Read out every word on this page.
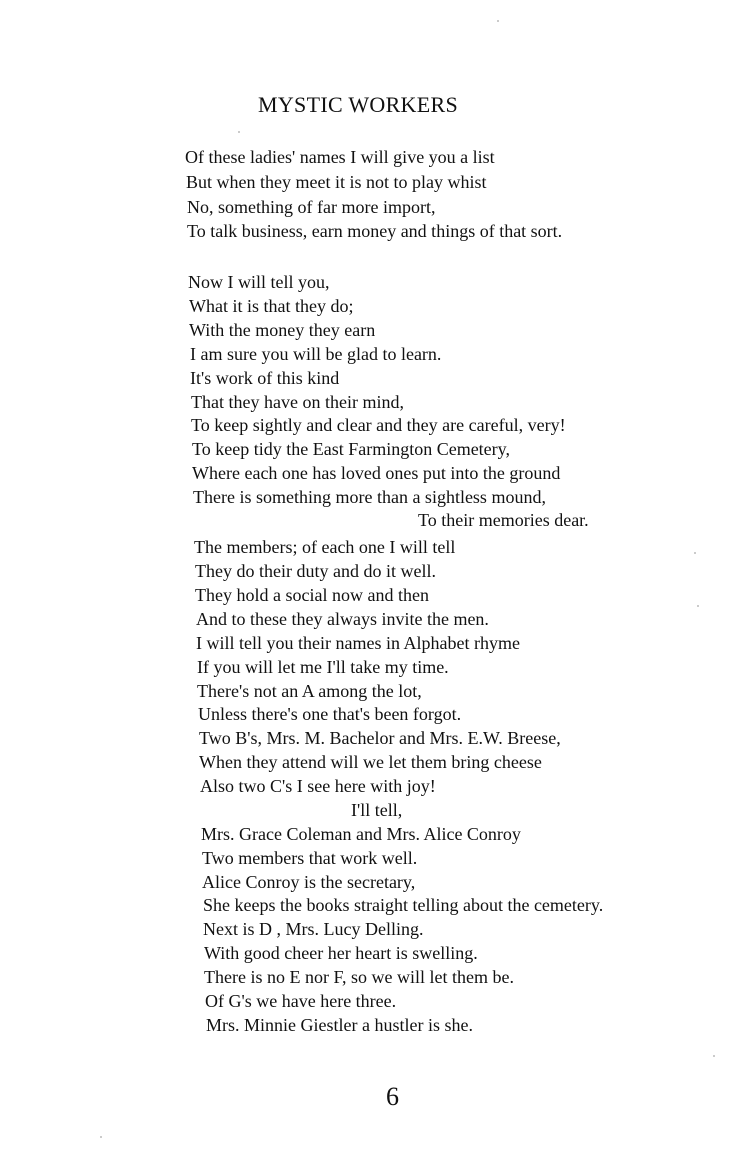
MYSTIC WORKERS
Of these ladies' names I will give you a list
But when they meet it is not to play whist
No, something of far more import,
To talk business, earn money and things of that sort.
Now I will tell you,
What it is that they do;
With the money they earn
I am sure you will be glad to learn.
It's work of this kind
That they have on their mind,
To keep sightly and clear and they are careful, very!
To keep tidy the East Farmington Cemetery,
Where each one has loved ones put into the ground
There is something more than a sightless mound,
To their memories dear.
The members; of each one I will tell
They do their duty and do it well.
They hold a social now and then
And to these they always invite the men.
I will tell you their names in Alphabet rhyme
If you will let me I'll take my time.
There's not an A among the lot,
Unless there's one that's been forgot.
Two B's, Mrs. M. Bachelor and Mrs. E.W. Breese,
When they attend will we let them bring cheese
Also two C's I see here with joy!
I'll tell,
Mrs. Grace Coleman and Mrs. Alice Conroy
Two members that work well.
Alice Conroy is the secretary,
She keeps the books straight telling about the cemetery.
Next is D , Mrs. Lucy Delling.
With good cheer her heart is swelling.
There is no E nor F, so we will let them be.
Of G's we have here three.
Mrs. Minnie Giestler a hustler is she.
6
